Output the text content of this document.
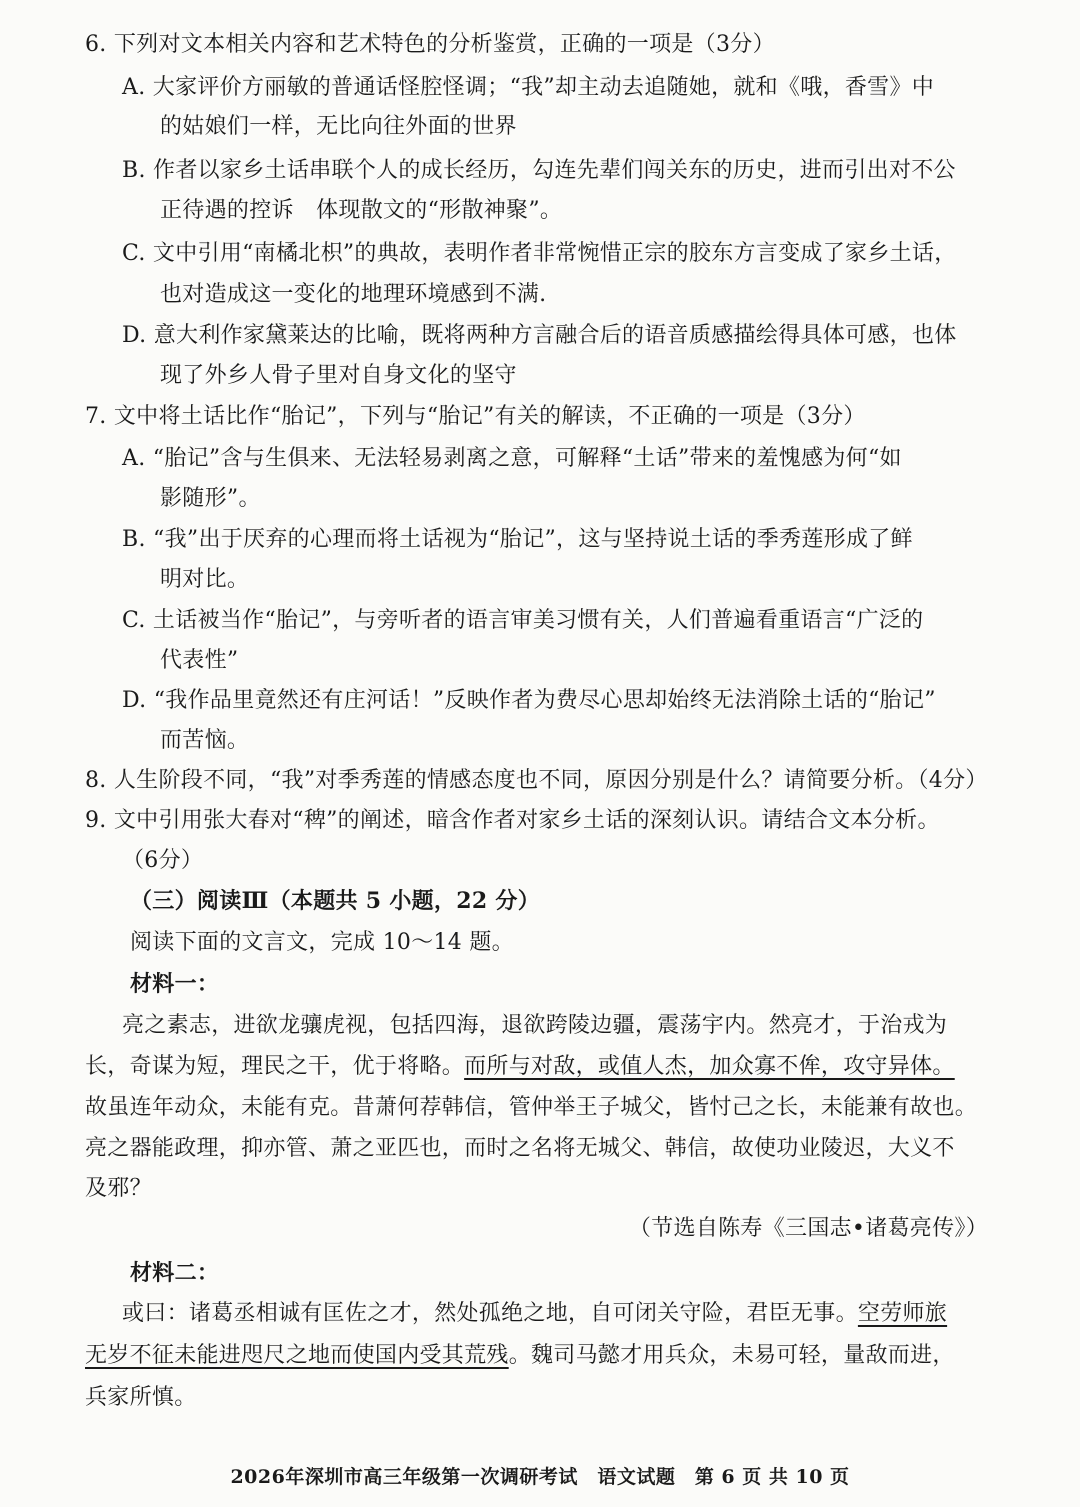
6. 下列对文本相关内容和艺术特色的分析鉴赏，正确的一项是（3分）
A. 大家评价方丽敏的普通话怪腔怪调；“我”却主动去追随她，就和《哦，香雪》中
的姑娘们一样，无比向往外面的世界
B. 作者以家乡土话串联个人的成长经历，勾连先辈们闯关东的历史，进而引出对不公
正待遇的控诉　体现散文的“形散神聚”。
C. 文中引用“南橘北枳”的典故，表明作者非常惋惜正宗的胶东方言变成了家乡土话，
也对造成这一变化的地理环境感到不满.
D. 意大利作家黛莱达的比喻，既将两种方言融合后的语音质感描绘得具体可感，也体
现了外乡人骨子里对自身文化的坚守
7. 文中将土话比作“胎记”，下列与“胎记”有关的解读，不正确的一项是（3分）
A. “胎记”含与生俱来、无法轻易剥离之意，可解释“土话”带来的羞愧感为何“如
影随形”。
B. “我”出于厌弃的心理而将土话视为“胎记”，这与坚持说土话的季秀莲形成了鲜
明对比。
C. 土话被当作“胎记”，与旁听者的语言审美习惯有关，人们普遍看重语言“广泛的
代表性”
D. “我作品里竟然还有庄河话！”反映作者为费尽心思却始终无法消除土话的“胎记”
而苦恼。
8. 人生阶段不同，“我”对季秀莲的情感态度也不同，原因分别是什么？请简要分析。（4分）
9. 文中引用张大春对“稗”的阐述，暗含作者对家乡土话的深刻认识。请结合文本分析。
（6分）
（三）阅读Ⅲ（本题共 5 小题，22 分）
阅读下面的文言文，完成 10～14 题。
材料一：
亮之素志，进欲龙骧虎视，包括四海，退欲跨陵边疆，震荡宇内。然亮才，于治戎为
长，奇谋为短，理民之干，优于将略。而所与对敌，或值人杰，加众寡不侔，攻守异体。
故虽连年动众，未能有克。昔萧何荐韩信，管仲举王子城父，皆忖己之长，未能兼有故也。
亮之器能政理，抑亦管、萧之亚匹也，而时之名将无城父、韩信，故使功业陵迟，大义不
及邪？
（节选自陈寿《三国志•诸葛亮传》）
材料二：
或曰：诸葛丞相诚有匡佐之才，然处孤绝之地，自可闭关守险，君臣无事。空劳师旅
无岁不征未能进咫尺之地而使国内受其荒残。魏司马懿才用兵众，未易可轻，量敌而进，
兵家所慎。
2026年深圳市高三年级第一次调研考试　语文试题　第 6 页 共 10 页
